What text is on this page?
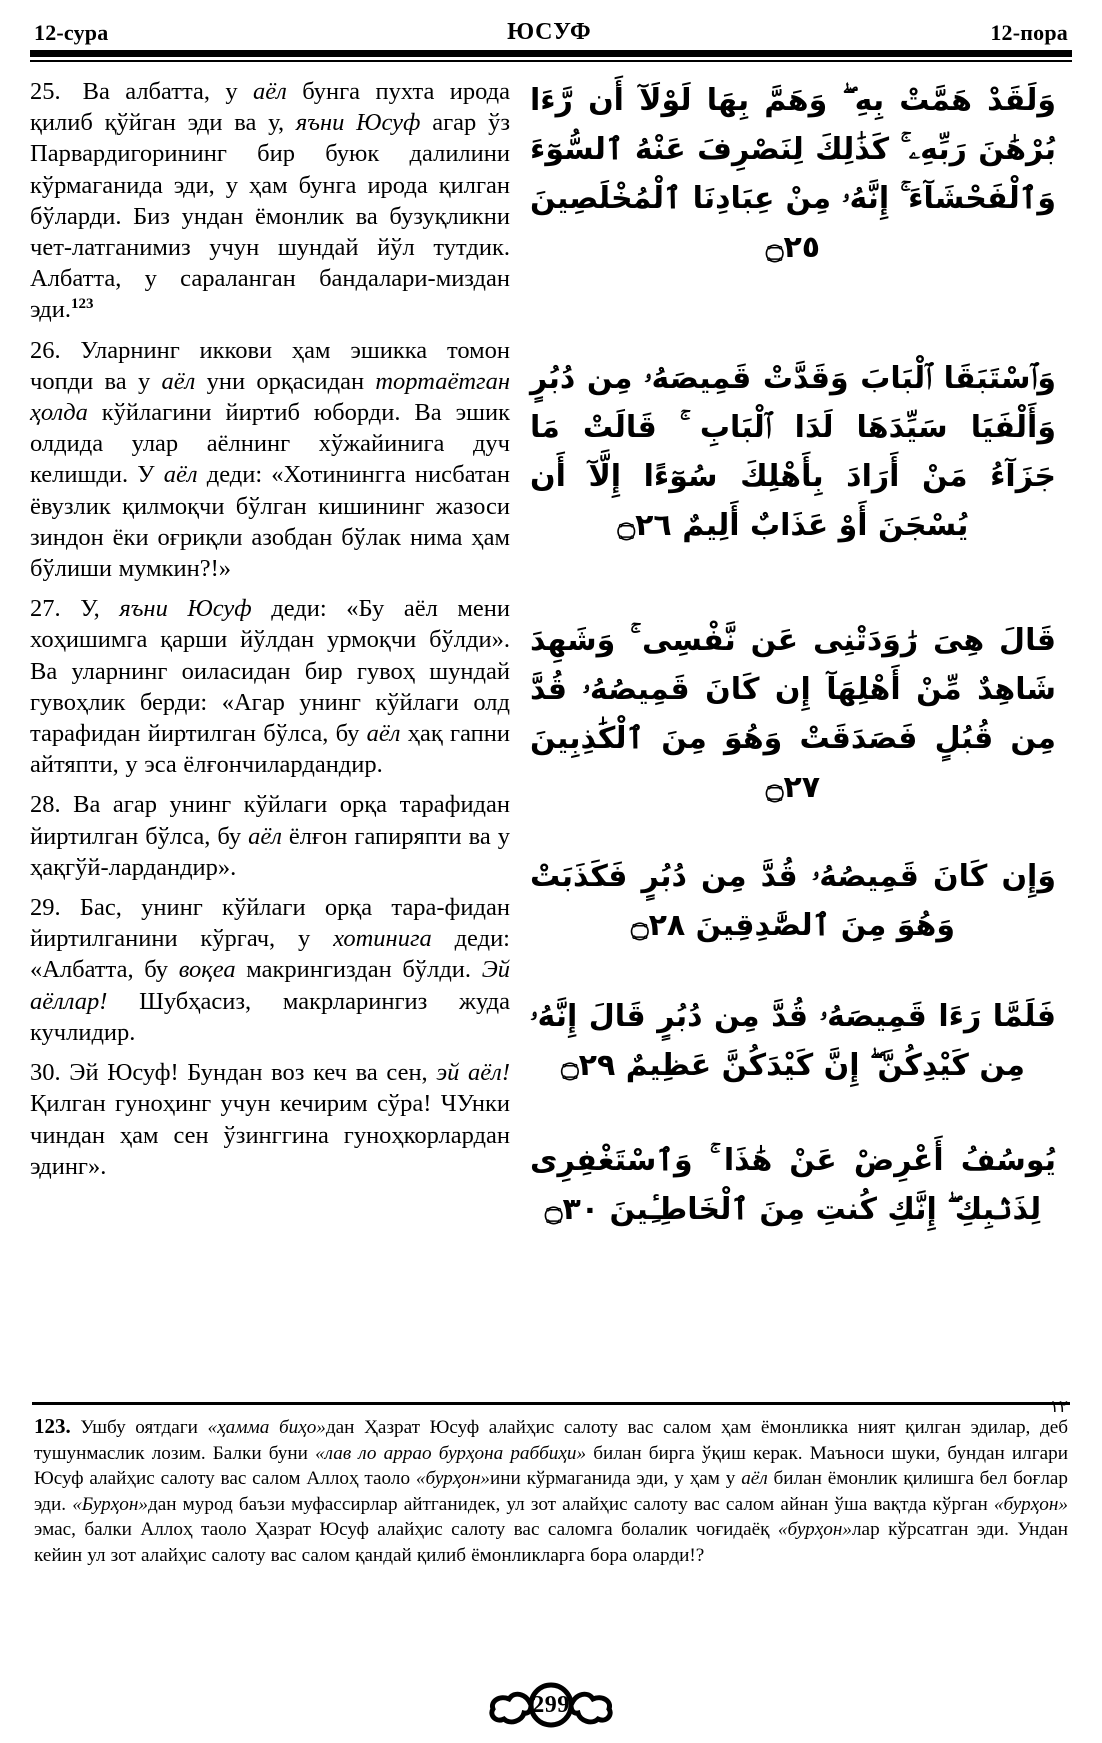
12-сура	ЮСУФ	12-пора

25. Ва албатта, у аёл бунга пухта ирода қилиб қўйган эди ва у, яъни Юсуф агар ўз Парвардигорининг бир буюк далилини кўрмаганида эди, у ҳам бунга ирода қилган бўларди. Биз ундан ёмонлик ва бузуқликни чет-латганимиз учун шундай йўл тутдик. Албатта, у сараланган бандалари-миздан эди.$^{123}$

26. Уларнинг иккови ҳам эшикка томон чопди ва у аёл уни орқасидан тортаётган ҳолда кўйлагини йиртиб юборди. Ва эшик олдида улар аёлнинг хўжайинига дуч келишди. У аёл деди: «Хотинингга нисбатан ёвузлик қилмоқчи бўлган кишининг жазоси зиндон ёки оғриқли азобдан бўлак нима ҳам бўлиши мумкин?!»

27. У, яъни Юсуф деди: «Бу аёл мени хоҳишимга қарши йўлдан урмоқчи бўлди». Ва уларнинг оиласидан бир гувоҳ шундай гувоҳлик берди: «Агар унинг кўйлаги олд тарафидан йиртилган бўлса, бу аёл ҳақ гапни айтяпти, у эса ёлғончилардандир.

28. Ва агар унинг кўйлаги орқа тарафидан йиртилган бўлса, бу аёл ёлғон гапиряпти ва у ҳақгўй-лардандир».

29. Бас, унинг кўйлаги орқа тара-фидан йиртилганини кўргач, у хотинига деди: «Албатта, бу воқеа макрингиздан бўлди. Эй аёллар! Шубҳасиз, макрларингиз жуда кучлидир.

30. Эй Юсуф! Бундан воз кеч ва сен, эй аёл! Қилган гуноҳинг учун кечирим сўра! ЧУнки чиндан ҳам сен ўзинггина гуноҳкорлардан эдинг».

وَلَقَدْ هَمَّتْ بِهِ ۖ وَهَمَّ بِهَا لَوْلَآ أَن رَّءَا بُرْهَٰنَ رَبِّهِۦ ۚ كَذَٰلِكَ لِنَصْرِفَ عَنْهُ ٱلسُّوٓءَ وَٱلْفَحْشَآءَ ۚ إِنَّهُۥ مِنْ عِبَادِنَا ٱلْمُخْلَصِينَ ۝٢٥

وَٱسْتَبَقَا ٱلْبَابَ وَقَدَّتْ قَمِيصَهُۥ مِن دُبُرٍ وَأَلْفَيَا سَيِّدَهَا لَدَا ٱلْبَابِ ۚ قَالَتْ مَا جَزَآءُ مَنْ أَرَادَ بِأَهْلِكَ سُوٓءًا إِلَّآ أَن يُسْجَنَ أَوْ عَذَابٌ أَلِيمٌ ۝٢٦

قَالَ هِىَ رَٰوَدَتْنِى عَن نَّفْسِى ۚ وَشَهِدَ شَاهِدٌ مِّنْ أَهْلِهَآ إِن كَانَ قَمِيصُهُۥ قُدَّ مِن قُبُلٍ فَصَدَقَتْ وَهُوَ مِنَ ٱلْكَٰذِبِينَ ۝٢٧

وَإِن كَانَ قَمِيصُهُۥ قُدَّ مِن دُبُرٍ فَكَذَبَتْ وَهُوَ مِنَ ٱلصَّٰدِقِينَ ۝٢٨

فَلَمَّا رَءَا قَمِيصَهُۥ قُدَّ مِن دُبُرٍ قَالَ إِنَّهُۥ مِن كَيْدِكُنَّ ۖ إِنَّ كَيْدَكُنَّ عَظِيمٌ ۝٢٩

يُوسُفُ أَعْرِضْ عَنْ هَٰذَا ۚ وَٱسْتَغْفِرِى لِذَنۢبِكِ ۖ إِنَّكِ كُنتِ مِنَ ٱلْخَاطِـِٔينَ ۝٣٠

١٢
123. Ушбу оятдаги «ҳамма биҳо»дан Ҳазрат Юсуф алайҳис салоту вас салом ҳам ёмонликка ният қилган эдилар, деб тушунмаслик лозим. Балки буни «лав ло appao бурҳона раббиҳи» билан бирга ўқиш керак. Маъноси шуки, бундан илгари Юсуф алайҳис салоту вас салом Аллоҳ таоло «бурҳон»ини кўрмаганида эди, у ҳам у аёл билан ёмонлик қилишга бел боғлар эди. «Бурҳон»дан мурод баъзи муфассирлар айтганидек, ул зот алайҳис салоту вас салом айнан ўша вақтда кўрган «бурҳон» эмас, балки Аллоҳ таоло Ҳазрат Юсуф алайҳис салоту вас саломга болалик чоғидаёқ «бурҳон»лар кўрсатган эди. Ундан кейин ул зот алайҳис салоту вас салом қандай қилиб ёмонликларга бора оларди!?
299
